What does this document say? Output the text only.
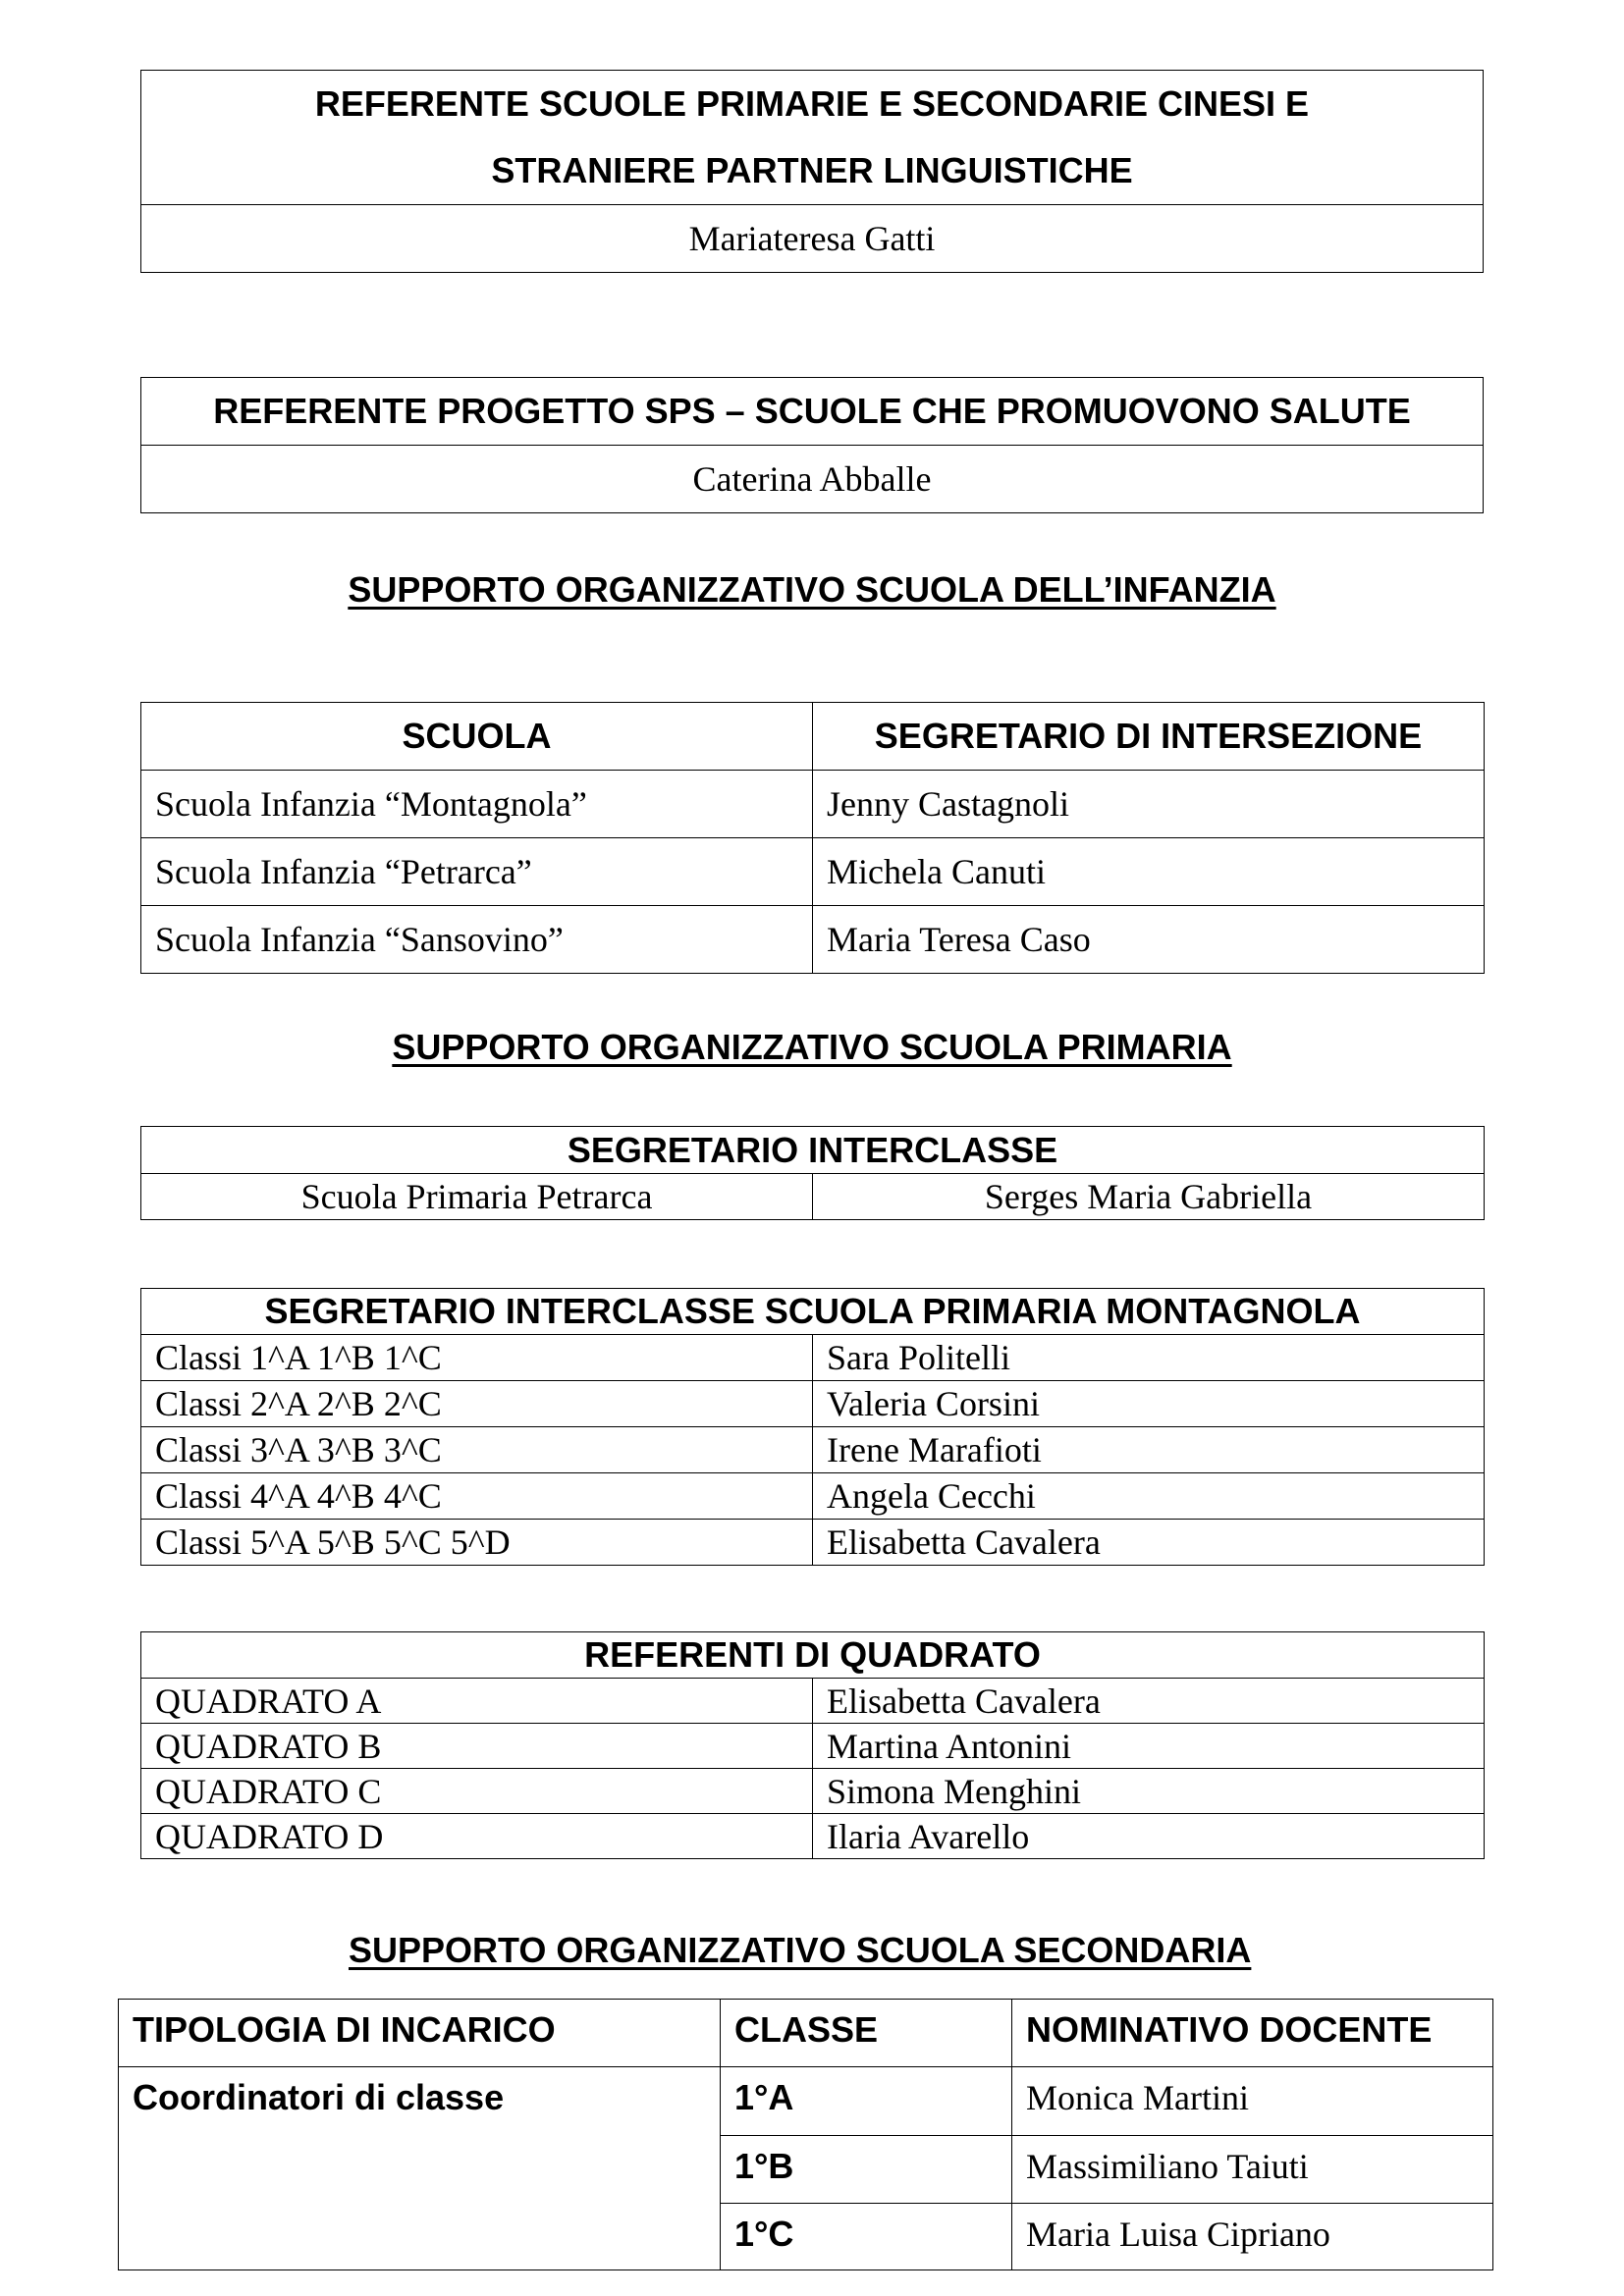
REFERENTE SCUOLE PRIMARIE E SECONDARIE CINESI E
STRANIERE PARTNER LINGUISTICHE

Mariateresa Gatti
REFERENTE PROGETTO SPS – SCUOLE CHE PROMUOVONO SALUTE
Caterina Abballe
SUPPORTO ORGANIZZATIVO SCUOLA DELL’INFANZIA
SCUOLA	SEGRETARIO DI INTERSEZIONE
Scuola Infanzia “Montagnola”	Jenny Castagnoli
Scuola Infanzia “Petrarca”	Michela Canuti
Scuola Infanzia “Sansovino”	Maria Teresa Caso
SUPPORTO ORGANIZZATIVO SCUOLA PRIMARIA
SEGRETARIO INTERCLASSE
Scuola Primaria Petrarca	Serges Maria Gabriella
SEGRETARIO INTERCLASSE SCUOLA PRIMARIA MONTAGNOLA	
Classi 1^A 1^B 1^C	Sara Politelli
Classi 2^A 2^B 2^C	Valeria Corsini
Classi 3^A 3^B 3^C	Irene Marafioti
Classi 4^A 4^B 4^C	Angela Cecchi
Classi 5^A 5^B 5^C 5^D	Elisabetta Cavalera
REFERENTI DI QUADRATO	
QUADRATO A	Elisabetta Cavalera
QUADRATO B	Martina Antonini
QUADRATO C	Simona Menghini
QUADRATO D	Ilaria Avarello
SUPPORTO ORGANIZZATIVO SCUOLA SECONDARIA
TIPOLOGIA DI INCARICO	CLASSE	NOMINATIVO DOCENTE
Coordinatori di classe	1°A	Monica Martini
	1°B	Massimiliano Taiuti
	1°C	Maria Luisa Cipriano
